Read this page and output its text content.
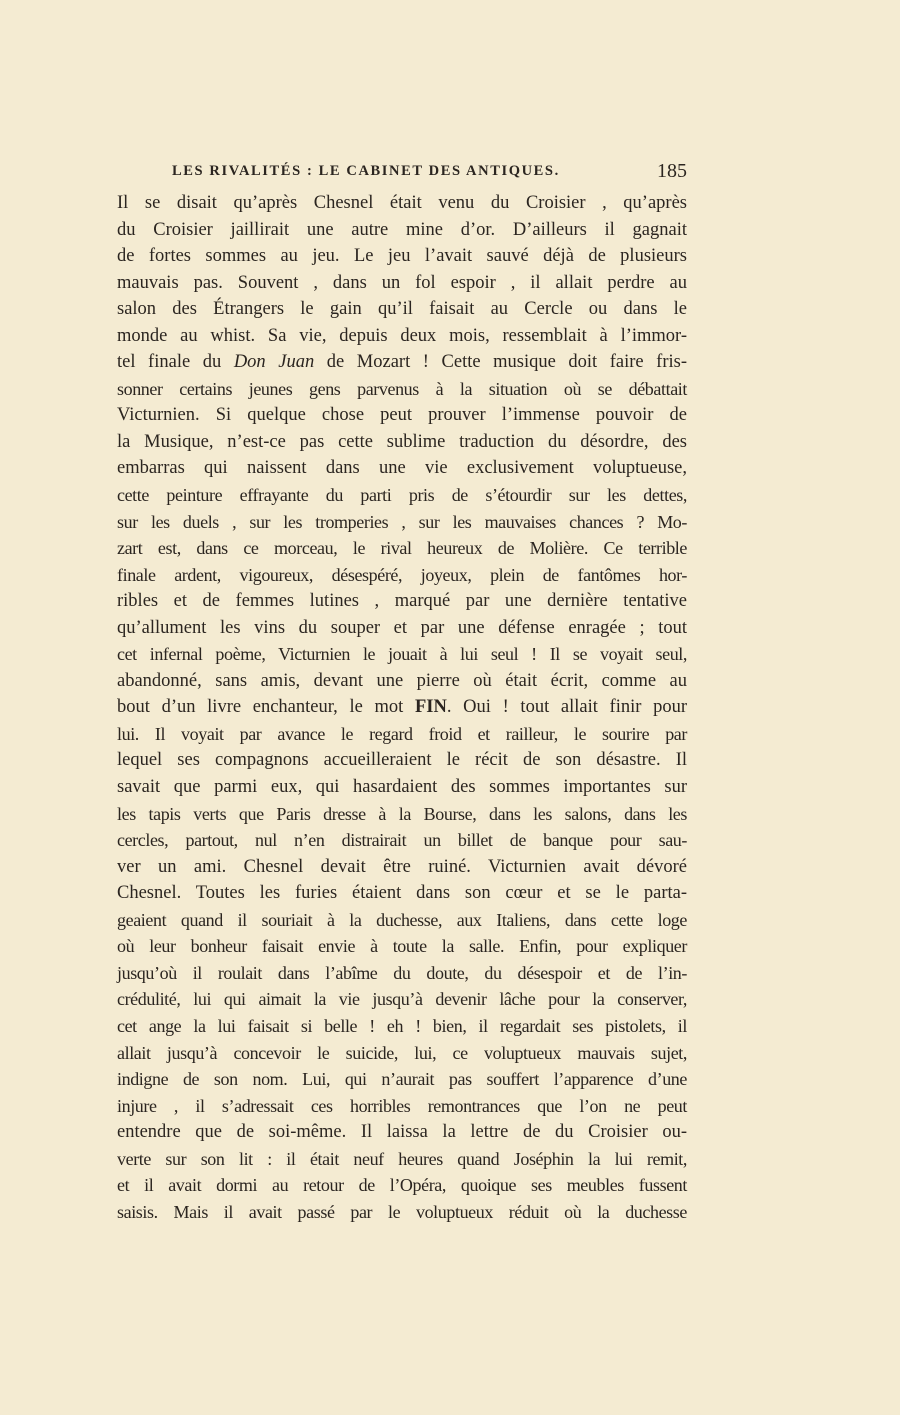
LES RIVALITÉS : LE CABINET DES ANTIQUES.	185
Il se disait qu’après Chesnel était venu du Croisier , qu’après
du Croisier jaillirait une autre mine d’or. D’ailleurs il gagnait
de fortes sommes au jeu. Le jeu l’avait sauvé déjà de plusieurs
mauvais pas. Souvent , dans un fol espoir , il allait perdre au
salon des Étrangers le gain qu’il faisait au Cercle ou dans le
monde au whist. Sa vie, depuis deux mois, ressemblait à l’immor-
tel finale du Don Juan de Mozart ! Cette musique doit faire fris-
sonner certains jeunes gens parvenus à la situation où se débattait
Victurnien. Si quelque chose peut prouver l’immense pouvoir de
la Musique, n’est-ce pas cette sublime traduction du désordre, des
embarras qui naissent dans une vie exclusivement voluptueuse,
cette peinture effrayante du parti pris de s’étourdir sur les dettes,
sur les duels , sur les tromperies , sur les mauvaises chances ? Mo-
zart est, dans ce morceau, le rival heureux de Molière. Ce terrible
finale ardent, vigoureux, désespéré, joyeux, plein de fantômes hor-
ribles et de femmes lutines , marqué par une dernière tentative
qu’allument les vins du souper et par une défense enragée ; tout
cet infernal poème, Victurnien le jouait à lui seul ! Il se voyait seul,
abandonné, sans amis, devant une pierre où était écrit, comme au
bout d’un livre enchanteur, le mot FIN. Oui ! tout allait finir pour
lui. Il voyait par avance le regard froid et railleur, le sourire par
lequel ses compagnons accueilleraient le récit de son désastre. Il
savait que parmi eux, qui hasardaient des sommes importantes sur
les tapis verts que Paris dresse à la Bourse, dans les salons, dans les
cercles, partout, nul n’en distrairait un billet de banque pour sau-
ver un ami. Chesnel devait être ruiné. Victurnien avait dévoré
Chesnel. Toutes les furies étaient dans son cœur et se le parta-
geaient quand il souriait à la duchesse, aux Italiens, dans cette loge
où leur bonheur faisait envie à toute la salle. Enfin, pour expliquer
jusqu’où il roulait dans l’abîme du doute, du désespoir et de l’in-
crédulité, lui qui aimait la vie jusqu’à devenir lâche pour la conserver,
cet ange la lui faisait si belle ! eh ! bien, il regardait ses pistolets, il
allait jusqu’à concevoir le suicide, lui, ce voluptueux mauvais sujet,
indigne de son nom. Lui, qui n’aurait pas souffert l’apparence d’une
injure , il s’adressait ces horribles remontrances que l’on ne peut
entendre que de soi-même. Il laissa la lettre de du Croisier ou-
verte sur son lit : il était neuf heures quand Joséphin la lui remit,
et il avait dormi au retour de l’Opéra, quoique ses meubles fussent
saisis. Mais il avait passé par le voluptueux réduit où la duchesse
